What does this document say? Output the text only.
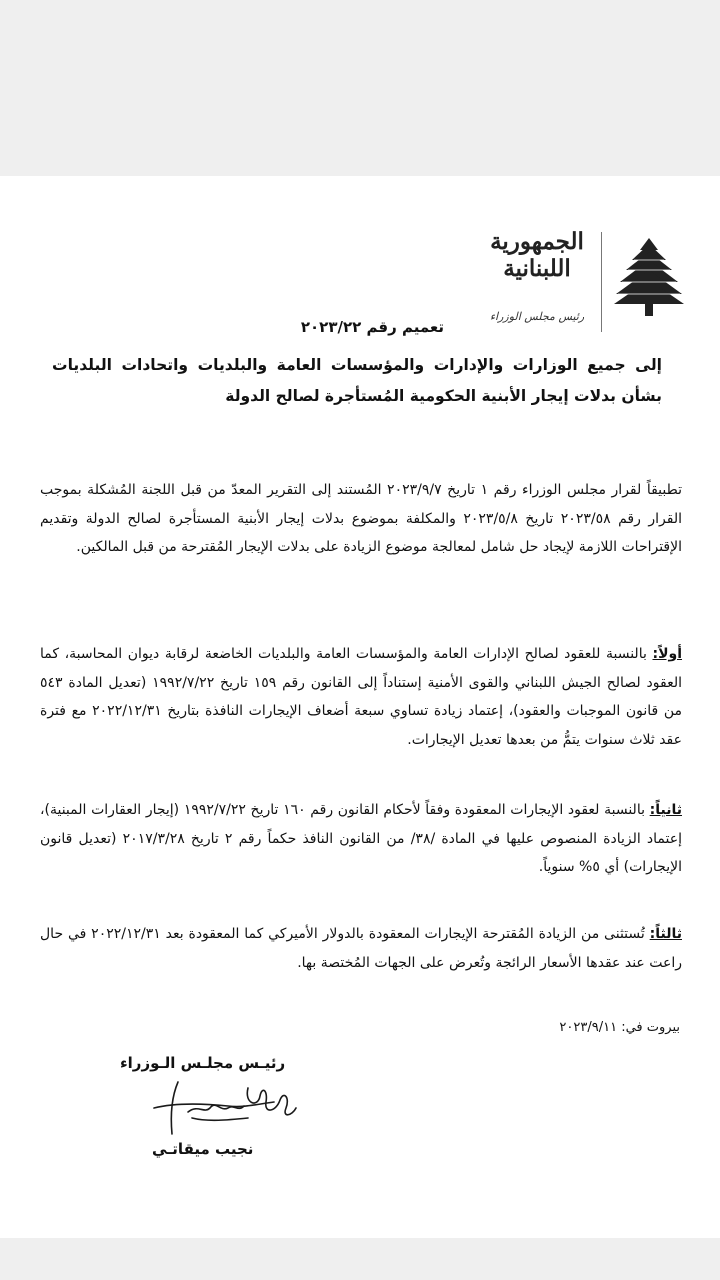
الجمهورية
اللبنانية
رئيس مجلس الوزراء
تعميم رقم ٢٠٢٣/٢٢
إلى جميع الوزارات والإدارات والمؤسسات العامة والبلديات واتحادات البلديات بشأن بدلات إيجار الأبنية الحكومية المُستأجرة لصالح الدولة
تطبيقاً لقرار مجلس الوزراء رقم ١ تاريخ ٢٠٢٣/٩/٧ المُستند إلى التقرير المعدّ من قبل اللجنة المُشكلة بموجب القرار رقم ٢٠٢٣/٥٨ تاريخ ٢٠٢٣/٥/٨ والمكلفة بموضوع بدلات إيجار الأبنية المستأجرة لصالح الدولة وتقديم الإقتراحات اللازمة لإيجاد حل شامل لمعالجة موضوع الزيادة على بدلات الإيجار المُقترحة من قبل المالكين.
أولاً: بالنسبة للعقود لصالح الإدارات العامة والمؤسسات العامة والبلديات الخاضعة لرقابة ديوان المحاسبة، كما العقود لصالح الجيش اللبناني والقوى الأمنية إستناداً إلى القانون رقم ١٥٩ تاريخ ١٩٩٢/٧/٢٢ (تعديل المادة ٥٤٣ من قانون الموجبات والعقود)، إعتماد زيادة تساوي سبعة أضعاف الإيجارات النافذة بتاريخ ٢٠٢٢/١٢/٣١ مع فترة عقد ثلاث سنوات يتمُّ من بعدها تعديل الإيجارات.
ثانياً: بالنسبة لعقود الإيجارات المعقودة وفقاً لأحكام القانون رقم ١٦٠ تاريخ ١٩٩٢/٧/٢٢ (إيجار العقارات المبنية)، إعتماد الزيادة المنصوص عليها في المادة /٣٨/ من القانون النافذ حكماً رقم ٢ تاريخ ٢٠١٧/٣/٢٨ (تعديل قانون الإيجارات) أي ٥% سنوياً.
ثالثاً: تُستثنى من الزيادة المُقترحة الإيجارات المعقودة بالدولار الأميركي كما المعقودة بعد ٢٠٢٢/١٢/٣١ في حال راعت عند عقدها الأسعار الرائجة وتُعرض على الجهات المُختصة بها.
بيروت في: ٢٠٢٣/٩/١١
رئيـس مجلـس الـوزراء
نجيب ميقاتـي
